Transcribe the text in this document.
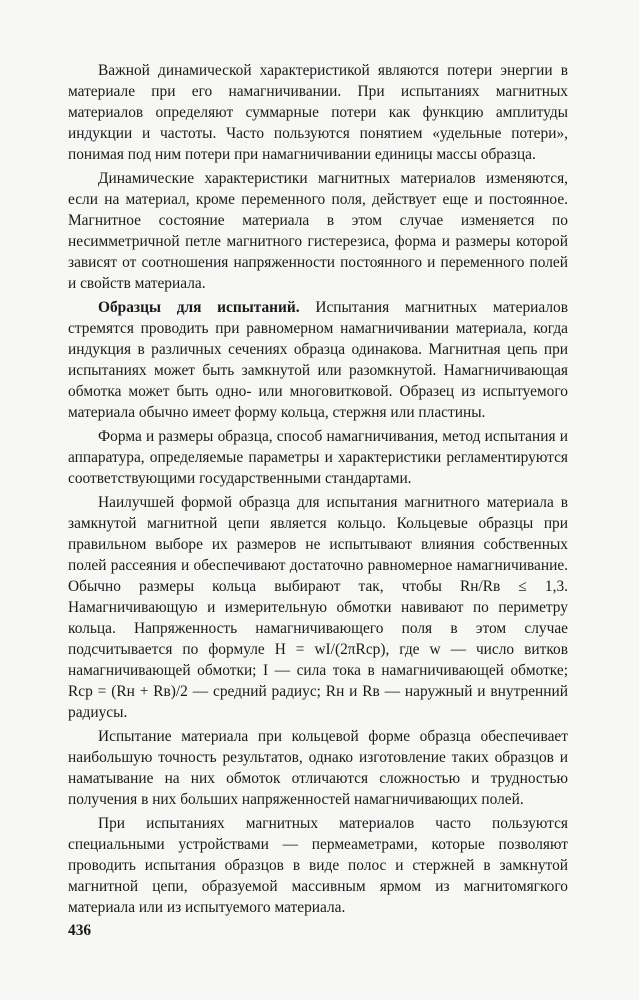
Важной динамической характеристикой являются потери энергии в материале при его намагничивании. При испытаниях магнитных материалов определяют суммарные потери как функцию амплитуды индукции и частоты. Часто пользуются понятием «удельные потери», понимая под ним потери при намагничивании единицы массы образца.

Динамические характеристики магнитных материалов изменяются, если на материал, кроме переменного поля, действует еще и постоянное. Магнитное состояние материала в этом случае изменяется по несимметричной петле магнитного гистерезиса, форма и размеры которой зависят от соотношения напряженности постоянного и переменного полей и свойств материала.

Образцы для испытаний. Испытания магнитных материалов стремятся проводить при равномерном намагничивании материала, когда индукция в различных сечениях образца одинакова. Магнитная цепь при испытаниях может быть замкнутой или разомкнутой. Намагничивающая обмотка может быть одно- или многовитковой. Образец из испытуемого материала обычно имеет форму кольца, стержня или пластины.

Форма и размеры образца, способ намагничивания, метод испытания и аппаратура, определяемые параметры и характеристики регламентируются соответствующими государственными стандартами.

Наилучшей формой образца для испытания магнитного материала в замкнутой магнитной цепи является кольцо. Кольцевые образцы при правильном выборе их размеров не испытывают влияния собственных полей рассеяния и обеспечивают достаточно равномерное намагничивание. Обычно размеры кольца выбирают так, чтобы Rн/Rв ≤ 1,3. Намагничивающую и измерительную обмотки навивают по периметру кольца. Напряженность намагничивающего поля в этом случае подсчитывается по формуле H = wI/(2πRср), где w — число витков намагничивающей обмотки; I — сила тока в намагничивающей обмотке; Rср = (Rн + Rв)/2 — средний радиус; Rн и Rв — наружный и внутренний радиусы.

Испытание материала при кольцевой форме образца обеспечивает наибольшую точность результатов, однако изготовление таких образцов и наматывание на них обмоток отличаются сложностью и трудностью получения в них больших напряженностей намагничивающих полей.

При испытаниях магнитных материалов часто пользуются специальными устройствами — пермеаметрами, которые позволяют проводить испытания образцов в виде полос и стержней в замкнутой магнитной цепи, образуемой массивным ярмом из магнитомягкого материала или из испытуемого материала.

436
